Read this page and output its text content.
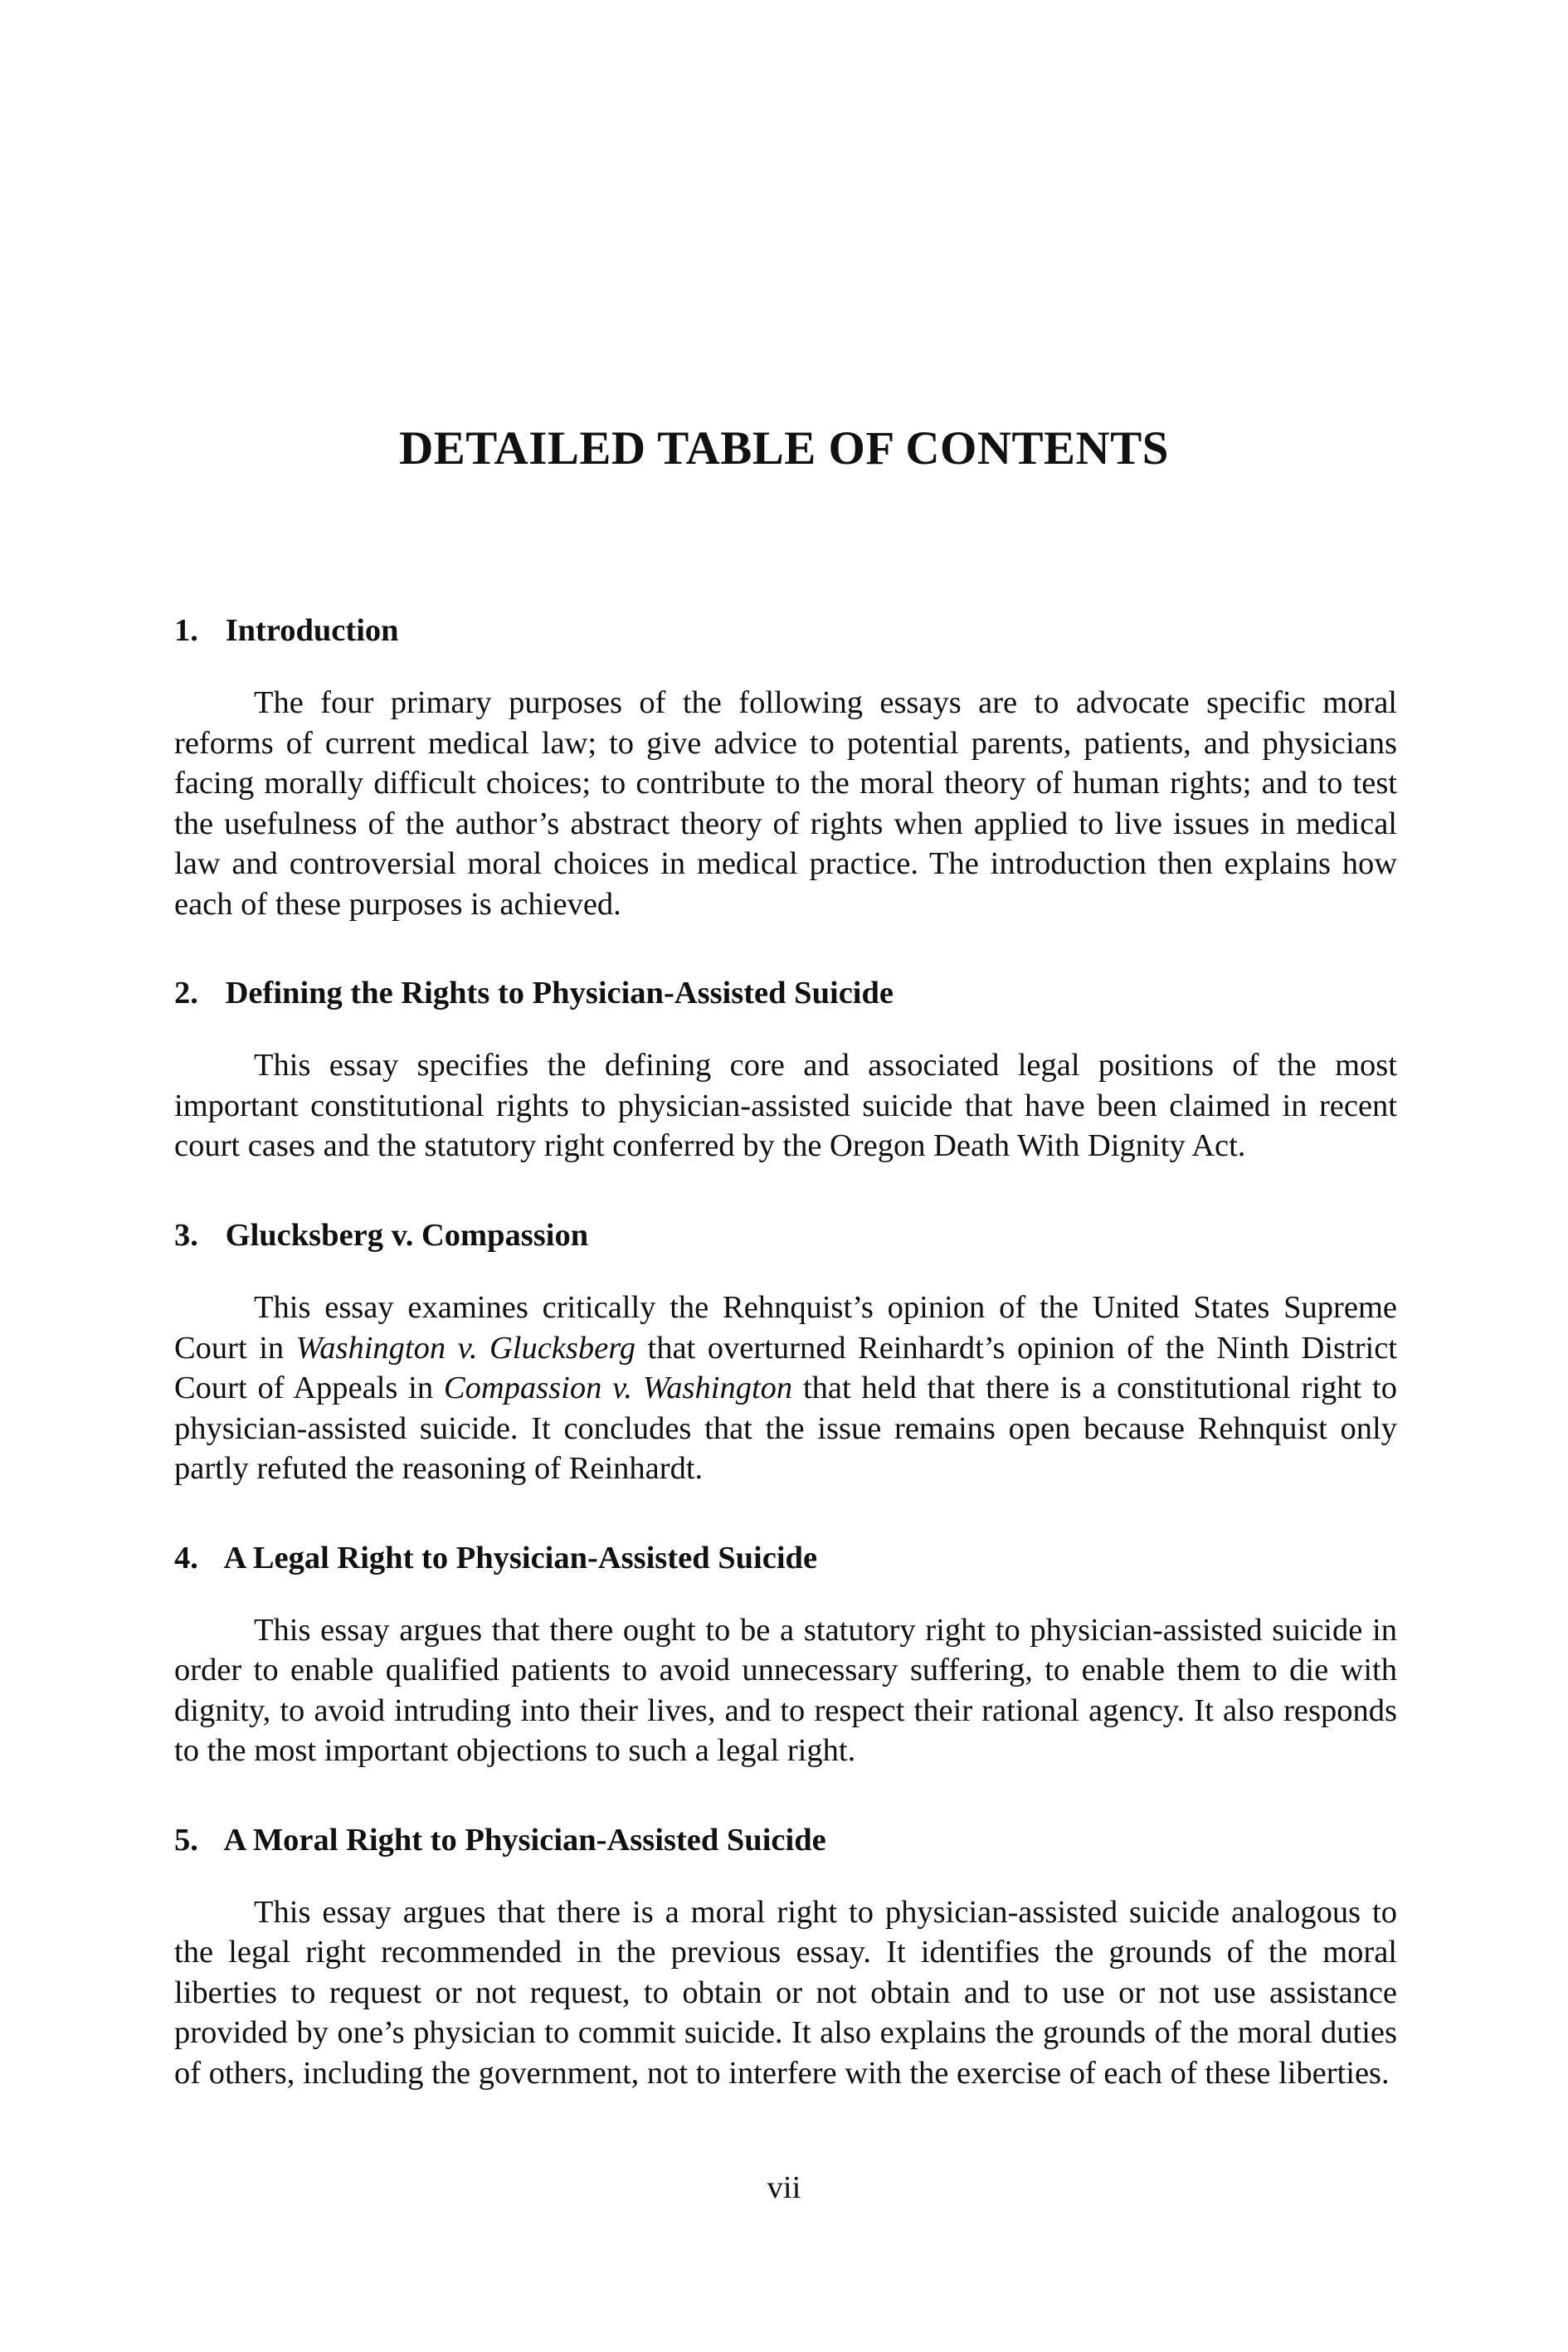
DETAILED TABLE OF CONTENTS
1. Introduction

The four primary purposes of the following essays are to advocate specific moral reforms of current medical law; to give advice to potential parents, patients, and physicians facing morally difficult choices; to contribute to the moral theory of human rights; and to test the usefulness of the author’s abstract theory of rights when applied to live issues in medical law and controversial moral choices in medical practice. The introduction then explains how each of these purposes is achieved.

2. Defining the Rights to Physician-Assisted Suicide

This essay specifies the defining core and associated legal positions of the most important constitutional rights to physician-assisted suicide that have been claimed in recent court cases and the statutory right conferred by the Oregon Death With Dignity Act.

3. Glucksberg v. Compassion

This essay examines critically the Rehnquist’s opinion of the United States Supreme Court in Washington v. Glucksberg that overturned Reinhardt’s opinion of the Ninth District Court of Appeals in Compassion v. Washington that held that there is a constitutional right to physician-assisted suicide. It concludes that the issue remains open because Rehnquist only partly refuted the reasoning of Reinhardt.

4. A Legal Right to Physician-Assisted Suicide

This essay argues that there ought to be a statutory right to physician-assisted suicide in order to enable qualified patients to avoid unnecessary suffering, to enable them to die with dignity, to avoid intruding into their lives, and to respect their rational agency. It also responds to the most important objections to such a legal right.

5. A Moral Right to Physician-Assisted Suicide

This essay argues that there is a moral right to physician-assisted suicide analogous to the legal right recommended in the previous essay. It identifies the grounds of the moral liberties to request or not request, to obtain or not obtain and to use or not use assistance provided by one’s physician to commit suicide. It also explains the grounds of the moral duties of others, including the government, not to interfere with the exercise of each of these liberties.

vii
